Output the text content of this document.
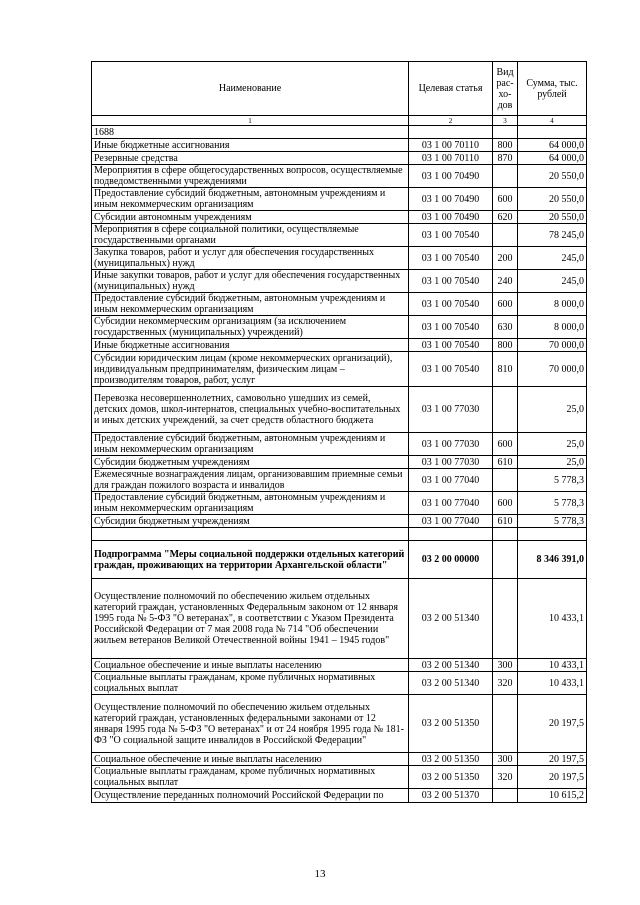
Наименование	Целевая статья	Вид рас-хо-дов	Сумма, тыс. рублей
1	2	3	4
1688			
Иные бюджетные ассигнования	03 1 00 70110	800	64 000,0
Резервные средства	03 1 00 70110	870	64 000,0
Мероприятия в сфере общегосударственных вопросов, осуществляемые подведомственными учреждениями	03 1 00 70490		20 550,0
Предоставление субсидий бюджетным, автономным учреждениям и иным некоммерческим организациям	03 1 00 70490	600	20 550,0
Субсидии автономным учреждениям	03 1 00 70490	620	20 550,0
Мероприятия в сфере социальной политики, осуществляемые государственными органами	03 1 00 70540		78 245,0
Закупка товаров, работ и услуг для обеспечения государственных (муниципальных) нужд	03 1 00 70540	200	245,0
Иные закупки товаров, работ и услуг для обеспечения государственных (муниципальных) нужд	03 1 00 70540	240	245,0
Предоставление субсидий бюджетным, автономным учреждениям и иным некоммерческим организациям	03 1 00 70540	600	8 000,0
Субсидии некоммерческим организациям (за исключением государственных (муниципальных) учреждений)	03 1 00 70540	630	8 000,0
Иные бюджетные ассигнования	03 1 00 70540	800	70 000,0
Субсидии юридическим лицам (кроме некоммерческих организаций), индивидуальным предпринимателям, физическим лицам – производителям товаров, работ, услуг	03 1 00 70540	810	70 000,0
Перевозка несовершеннолетних, самовольно ушедших из семей, детских домов, школ-интернатов, специальных учебно-воспитательных и иных детских учреждений, за счет средств областного бюджета	03 1 00 77030		25,0
Предоставление субсидий бюджетным, автономным учреждениям и иным некоммерческим организациям	03 1 00 77030	600	25,0
Субсидии бюджетным учреждениям	03 1 00 77030	610	25,0
Ежемесячные вознаграждения лицам, организовавшим приемные семьи для граждан пожилого возраста и инвалидов	03 1 00 77040		5 778,3
Предоставление субсидий бюджетным, автономным учреждениям и иным некоммерческим организациям	03 1 00 77040	600	5 778,3
Субсидии бюджетным учреждениям	03 1 00 77040	610	5 778,3

Подпрограмма "Меры социальной поддержки отдельных категорий граждан, проживающих на территории Архангельской области"	03 2 00 00000		8 346 391,0
Осуществление полномочий по обеспечению жильем отдельных категорий граждан, установленных Федеральным законом от 12 января 1995 года № 5-ФЗ "О ветеранах", в соответствии с Указом Президента Российской Федерации от 7 мая 2008 года № 714 "Об обеспечении жильем ветеранов Великой Отечественной войны 1941 – 1945 годов"	03 2 00 51340		10 433,1
Социальное обеспечение и иные выплаты населению	03 2 00 51340	300	10 433,1
Социальные выплаты гражданам, кроме публичных нормативных социальных выплат	03 2 00 51340	320	10 433,1
Осуществление полномочий по обеспечению жильем отдельных категорий граждан, установленных федеральными законами от 12 января 1995 года № 5-ФЗ "О ветеранах" и от 24 ноября 1995 года № 181-ФЗ "О социальной защите инвалидов в Российской Федерации"	03 2 00 51350		20 197,5
Социальное обеспечение и иные выплаты населению	03 2 00 51350	300	20 197,5
Социальные выплаты гражданам, кроме публичных нормативных социальных выплат	03 2 00 51350	320	20 197,5
Осуществление переданных полномочий Российской Федерации по	03 2 00 51370		10 615,2
13
